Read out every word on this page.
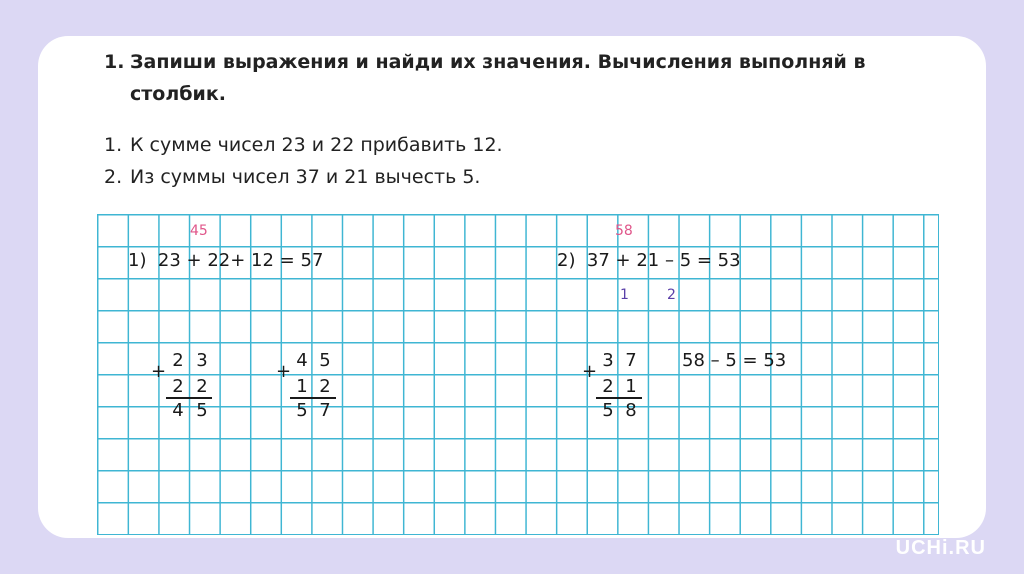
1. Запиши выражения и найди их значения. Вычисления выполняй в столбик.
1. К сумме чисел 23 и 22 прибавить 12.
2. Из суммы чисел 37 и 21 вычесть 5.
45
1)  23 + 22+ 12 = 57
+
2 3
2 2
4 5
+
4 5
1 2
5 7
58
2)  37 + 21 – 5 = 53
1	2
+
3 7
2 1
5 8
58 – 5 = 53
UCHi.RU
